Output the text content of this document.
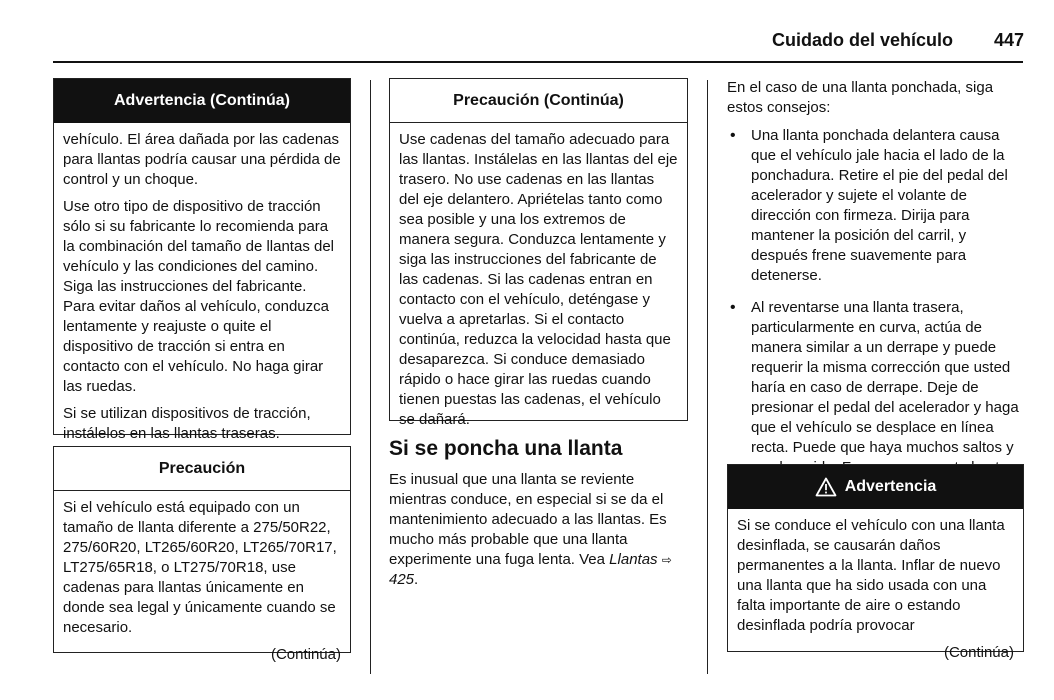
Cuidado del vehículo 447
Advertencia (Continúa)

vehículo. El área dañada por las cadenas para llantas podría causar una pérdida de control y un choque.

Use otro tipo de dispositivo de tracción sólo si su fabricante lo recomienda para la combinación del tamaño de llantas del vehículo y las condiciones del camino. Siga las instrucciones del fabricante. Para evitar daños al vehículo, conduzca lentamente y reajuste o quite el dispositivo de tracción si entra en contacto con el vehículo. No haga girar las ruedas.

Si se utilizan dispositivos de tracción, instálelos en las llantas traseras.

Precaución

Si el vehículo está equipado con un tamaño de llanta diferente a 275/50R22, 275/60R20, LT265/60R20, LT265/70R17, LT275/65R18, o LT275/70R18, use cadenas para llantas únicamente en donde sea legal y únicamente cuando se necesario.

(Continúa)
Precaución (Continúa)

Use cadenas del tamaño adecuado para las llantas. Instálelas en las llantas del eje trasero. No use cadenas en las llantas del eje delantero. Apriételas tanto como sea posible y una los extremos de manera segura. Conduzca lentamente y siga las instrucciones del fabricante de las cadenas. Si las cadenas entran en contacto con el vehículo, deténgase y vuelva a apretarlas. Si el contacto continúa, reduzca la velocidad hasta que desaparezca. Si conduce demasiado rápido o hace girar las ruedas cuando tienen puestas las cadenas, el vehículo se dañará.

Si se poncha una llanta

Es inusual que una llanta se reviente mientras conduce, en especial si se da el mantenimiento adecuado a las llantas. Es mucho más probable que una llanta experimente una fuga lenta. Vea Llantas ⇨ 425.

En el caso de una llanta ponchada, siga estos consejos:

• Una llanta ponchada delantera causa que el vehículo jale hacia el lado de la ponchadura. Retire el pie del pedal del acelerador y sujete el volante de dirección con firmeza. Dirija para mantener la posición del carril, y después frene suavemente para detenerse.
• Al reventarse una llanta trasera, particularmente en curva, actúa de manera similar a un derrape y puede requerir la misma corrección que usted haría en caso de derrape. Deje de presionar el pedal del acelerador y haga que el vehículo se desplace en línea recta. Puede que haya muchos saltos y
Advertencia

Si se conduce el vehículo con una llanta desinflada, se causarán daños permanentes a la llanta. Inflar de nuevo una llanta que ha sido usada con una falta importante de aire o estando desinflada podría provocar

(Continúa)
